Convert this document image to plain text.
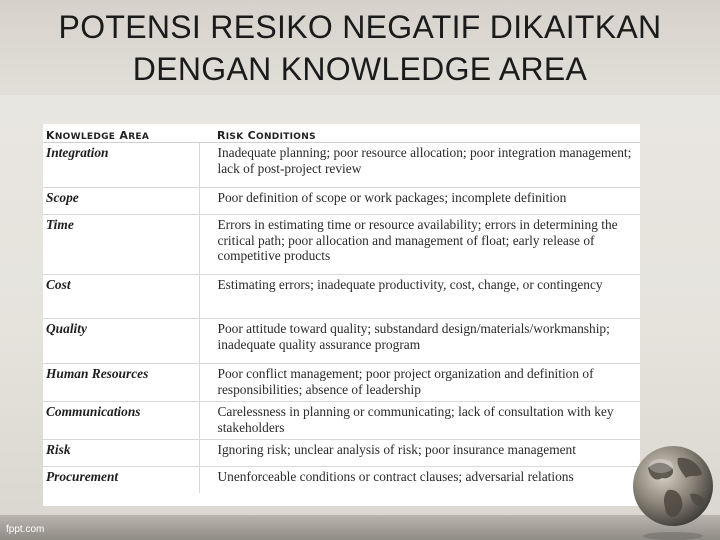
POTENSI RESIKO NEGATIF DIKAITKAN
DENGAN KNOWLEDGE AREA
KNOWLEDGE AREA	RISK CONDITIONS
Integration	Inadequate planning; poor resource allocation; poor integration management; lack of post-project review
Scope	Poor definition of scope or work packages; incomplete definition
Time	Errors in estimating time or resource availability; errors in determining the critical path; poor allocation and management of float; early release of competitive products
Cost	Estimating errors; inadequate productivity, cost, change, or contingency
Quality	Poor attitude toward quality; substandard design/materials/workmanship; inadequate quality assurance program
Human Resources	Poor conflict management; poor project organization and definition of responsibilities; absence of leadership
Communications	Carelessness in planning or communicating; lack of consultation with key stakeholders
Risk	Ignoring risk; unclear analysis of risk; poor insurance management
Procurement	Unenforceable conditions or contract clauses; adversarial relations
fppt.com
